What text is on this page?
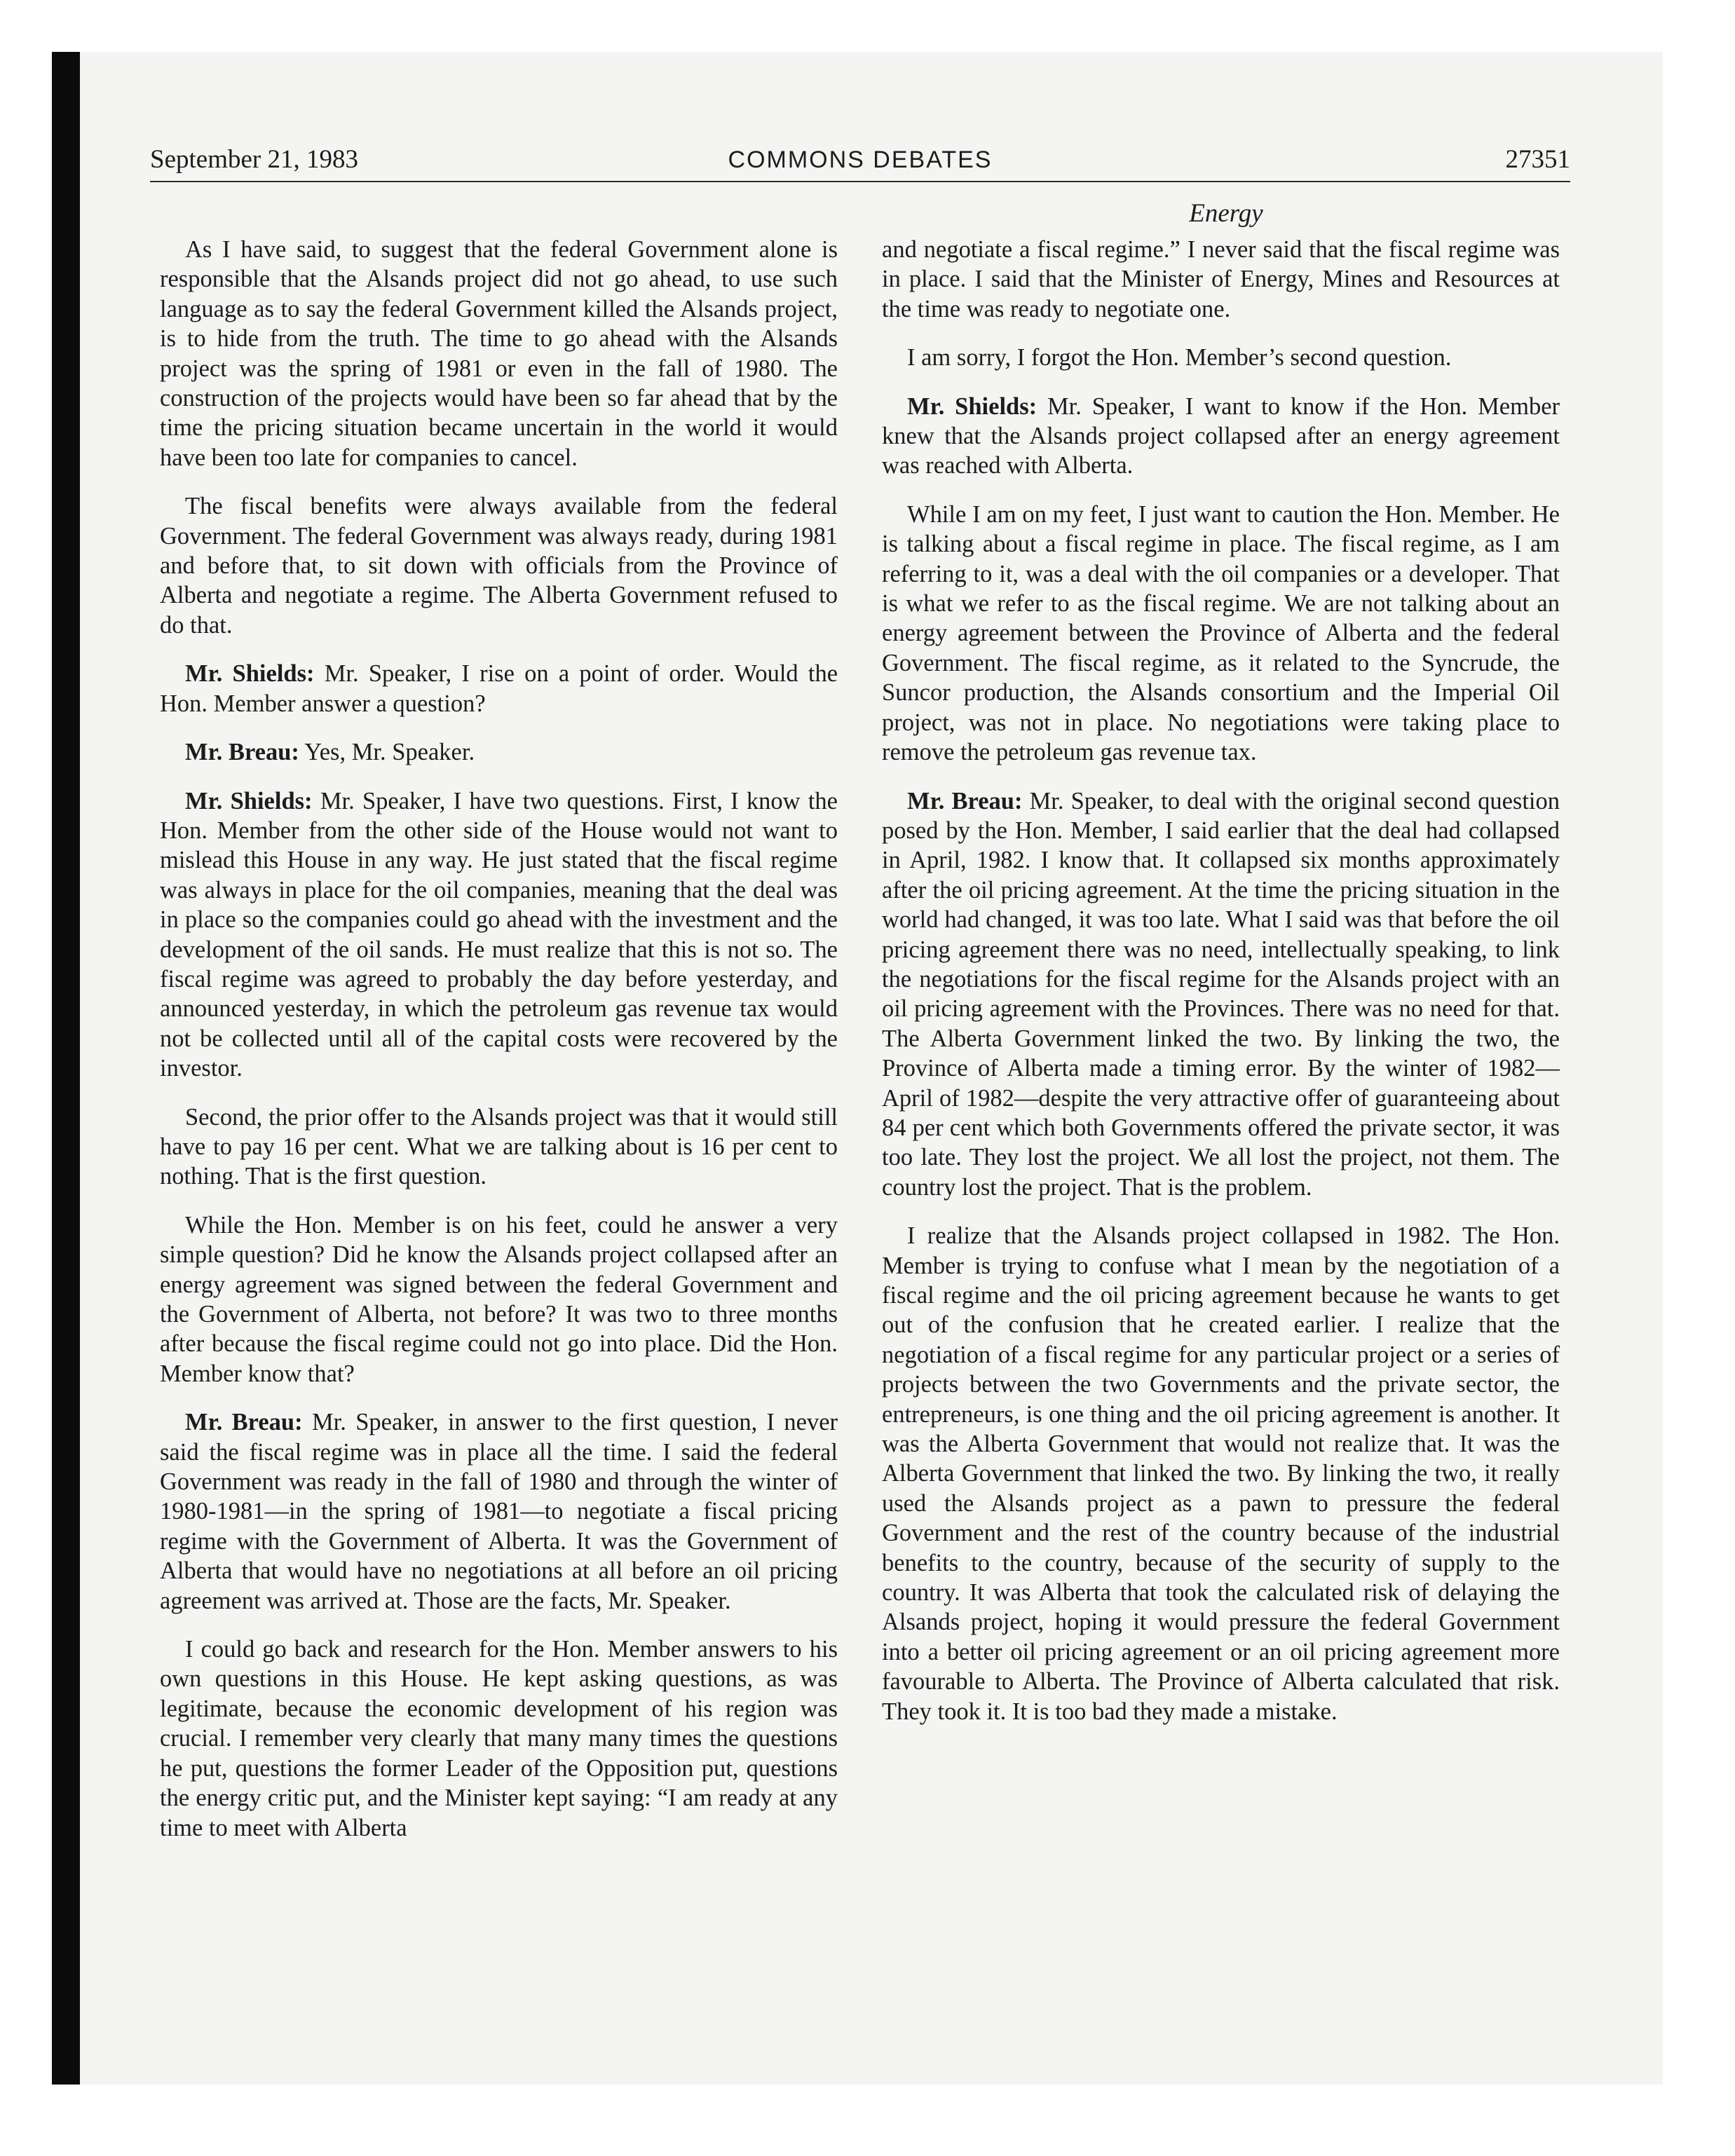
September 21, 1983	COMMONS DEBATES	27351
Energy

As I have said, to suggest that the federal Government alone is responsible that the Alsands project did not go ahead, to use such language as to say the federal Government killed the Alsands project, is to hide from the truth. The time to go ahead with the Alsands project was the spring of 1981 or even in the fall of 1980. The construction of the projects would have been so far ahead that by the time the pricing situation became uncertain in the world it would have been too late for companies to cancel.

The fiscal benefits were always available from the federal Government. The federal Government was always ready, during 1981 and before that, to sit down with officials from the Province of Alberta and negotiate a regime. The Alberta Government refused to do that.

Mr. Shields: Mr. Speaker, I rise on a point of order. Would the Hon. Member answer a question?

Mr. Breau: Yes, Mr. Speaker.

Mr. Shields: Mr. Speaker, I have two questions. First, I know the Hon. Member from the other side of the House would not want to mislead this House in any way. He just stated that the fiscal regime was always in place for the oil companies, meaning that the deal was in place so the companies could go ahead with the investment and the development of the oil sands. He must realize that this is not so. The fiscal regime was agreed to probably the day before yesterday, and announced yesterday, in which the petroleum gas revenue tax would not be collected until all of the capital costs were recovered by the investor.

Second, the prior offer to the Alsands project was that it would still have to pay 16 per cent. What we are talking about is 16 per cent to nothing. That is the first question.

While the Hon. Member is on his feet, could he answer a very simple question? Did he know the Alsands project collapsed after an energy agreement was signed between the federal Government and the Government of Alberta, not before? It was two to three months after because the fiscal regime could not go into place. Did the Hon. Member know that?

Mr. Breau: Mr. Speaker, in answer to the first question, I never said the fiscal regime was in place all the time. I said the federal Government was ready in the fall of 1980 and through the winter of 1980-1981—in the spring of 1981—to negotiate a fiscal pricing regime with the Government of Alberta. It was the Government of Alberta that would have no negotiations at all before an oil pricing agreement was arrived at. Those are the facts, Mr. Speaker.

I could go back and research for the Hon. Member answers to his own questions in this House. He kept asking questions, as was legitimate, because the economic development of his region was crucial. I remember very clearly that many many times the questions he put, questions the former Leader of the Opposition put, questions the energy critic put, and the Minister kept saying: “I am ready at any time to meet with Alberta

and negotiate a fiscal regime.” I never said that the fiscal regime was in place. I said that the Minister of Energy, Mines and Resources at the time was ready to negotiate one.

I am sorry, I forgot the Hon. Member’s second question.

Mr. Shields: Mr. Speaker, I want to know if the Hon. Member knew that the Alsands project collapsed after an energy agreement was reached with Alberta.

While I am on my feet, I just want to caution the Hon. Member. He is talking about a fiscal regime in place. The fiscal regime, as I am referring to it, was a deal with the oil companies or a developer. That is what we refer to as the fiscal regime. We are not talking about an energy agreement between the Province of Alberta and the federal Government. The fiscal regime, as it related to the Syncrude, the Suncor production, the Alsands consortium and the Imperial Oil project, was not in place. No negotiations were taking place to remove the petroleum gas revenue tax.

Mr. Breau: Mr. Speaker, to deal with the original second question posed by the Hon. Member, I said earlier that the deal had collapsed in April, 1982. I know that. It collapsed six months approximately after the oil pricing agreement. At the time the pricing situation in the world had changed, it was too late. What I said was that before the oil pricing agreement there was no need, intellectually speaking, to link the negotiations for the fiscal regime for the Alsands project with an oil pricing agreement with the Provinces. There was no need for that. The Alberta Government linked the two. By linking the two, the Province of Alberta made a timing error. By the winter of 1982—April of 1982—despite the very attractive offer of guaranteeing about 84 per cent which both Governments offered the private sector, it was too late. They lost the project. We all lost the project, not them. The country lost the project. That is the problem.

I realize that the Alsands project collapsed in 1982. The Hon. Member is trying to confuse what I mean by the negotiation of a fiscal regime and the oil pricing agreement because he wants to get out of the confusion that he created earlier. I realize that the negotiation of a fiscal regime for any particular project or a series of projects between the two Governments and the private sector, the entrepreneurs, is one thing and the oil pricing agreement is another. It was the Alberta Government that would not realize that. It was the Alberta Government that linked the two. By linking the two, it really used the Alsands project as a pawn to pressure the federal Government and the rest of the country because of the industrial benefits to the country, because of the security of supply to the country. It was Alberta that took the calculated risk of delaying the Alsands project, hoping it would pressure the federal Government into a better oil pricing agreement or an oil pricing agreement more favourable to Alberta. The Province of Alberta calculated that risk. They took it. It is too bad they made a mistake.
